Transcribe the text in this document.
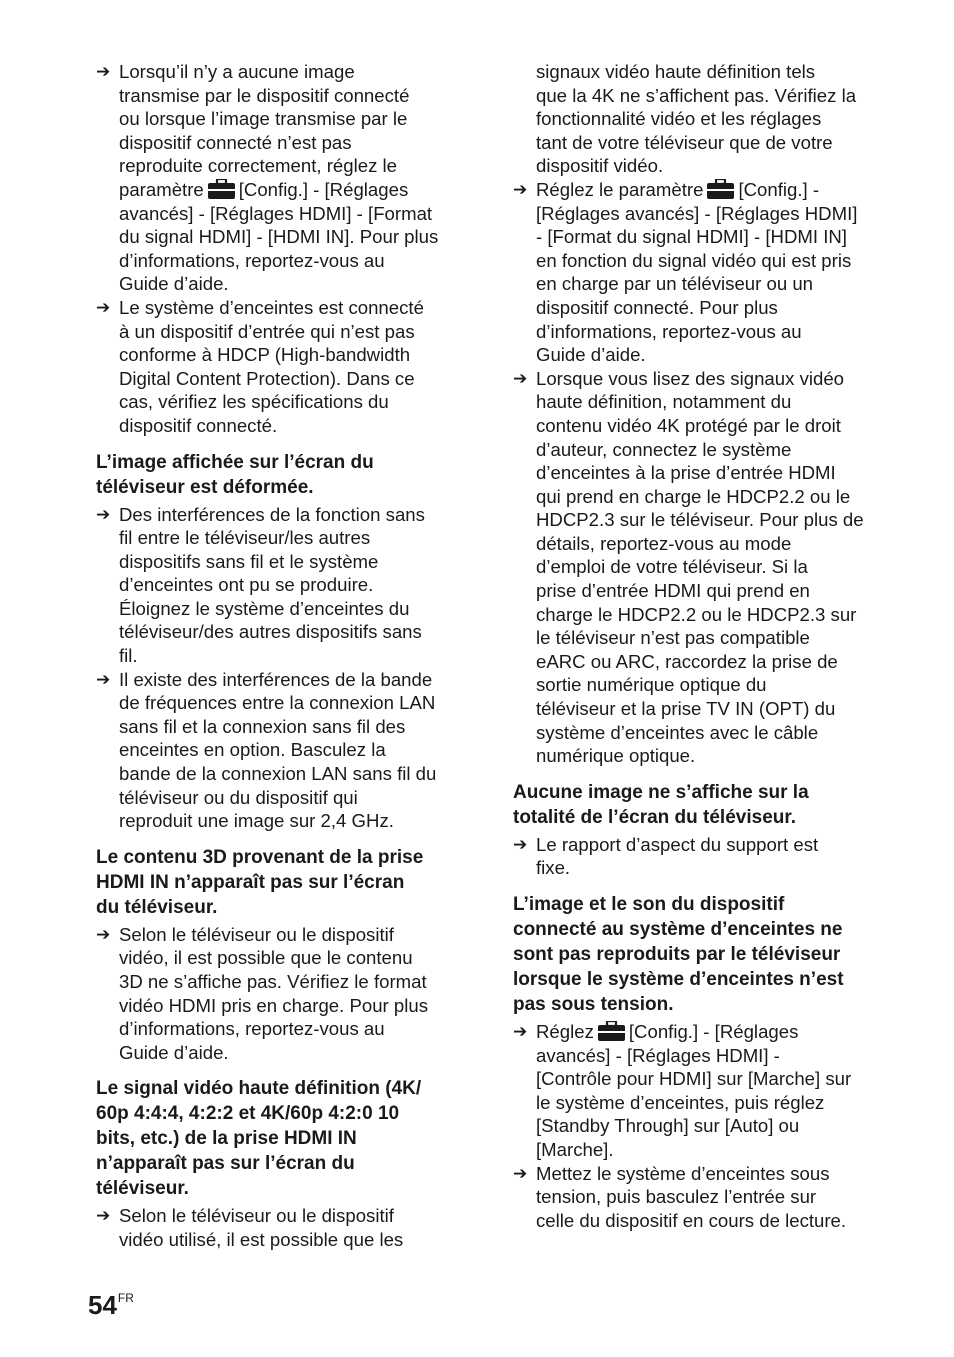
➔ Lorsqu’il n’y a aucune image
transmise par le dispositif connecté
ou lorsque l’image transmise par le
dispositif connecté n’est pas
reproduite correctement, réglez le
paramètre [Config.] - [Réglages
avancés] - [Réglages HDMI] - [Format
du signal HDMI] - [HDMI IN]. Pour plus
d’informations, reportez-vous au
Guide d’aide.
➔ Le système d’enceintes est connecté
à un dispositif d’entrée qui n’est pas
conforme à HDCP (High-bandwidth
Digital Content Protection). Dans ce
cas, vérifiez les spécifications du
dispositif connecté.
L’image affichée sur l’écran du
téléviseur est déformée.
➔ Des interférences de la fonction sans
fil entre le téléviseur/les autres
dispositifs sans fil et le système
d’enceintes ont pu se produire.
Éloignez le système d’enceintes du
téléviseur/des autres dispositifs sans
fil.
➔ Il existe des interférences de la bande
de fréquences entre la connexion LAN
sans fil et la connexion sans fil des
enceintes en option. Basculez la
bande de la connexion LAN sans fil du
téléviseur ou du dispositif qui
reproduit une image sur 2,4 GHz.
Le contenu 3D provenant de la prise
HDMI IN n’apparaît pas sur l’écran
du téléviseur.
➔ Selon le téléviseur ou le dispositif
vidéo, il est possible que le contenu
3D ne s’affiche pas. Vérifiez le format
vidéo HDMI pris en charge. Pour plus
d’informations, reportez-vous au
Guide d’aide.
Le signal vidéo haute définition (4K/
60p 4:4:4, 4:2:2 et 4K/60p 4:2:0 10
bits, etc.) de la prise HDMI IN
n’apparaît pas sur l’écran du
téléviseur.
➔ Selon le téléviseur ou le dispositif
vidéo utilisé, il est possible que les
signaux vidéo haute définition tels
que la 4K ne s’affichent pas. Vérifiez la
fonctionnalité vidéo et les réglages
tant de votre téléviseur que de votre
dispositif vidéo.
➔ Réglez le paramètre [Config.] -
[Réglages avancés] - [Réglages HDMI]
- [Format du signal HDMI] - [HDMI IN]
en fonction du signal vidéo qui est pris
en charge par un téléviseur ou un
dispositif connecté. Pour plus
d’informations, reportez-vous au
Guide d’aide.
➔ Lorsque vous lisez des signaux vidéo
haute définition, notamment du
contenu vidéo 4K protégé par le droit
d’auteur, connectez le système
d’enceintes à la prise d’entrée HDMI
qui prend en charge le HDCP2.2 ou le
HDCP2.3 sur le téléviseur. Pour plus de
détails, reportez-vous au mode
d’emploi de votre téléviseur. Si la
prise d’entrée HDMI qui prend en
charge le HDCP2.2 ou le HDCP2.3 sur
le téléviseur n’est pas compatible
eARC ou ARC, raccordez la prise de
sortie numérique optique du
téléviseur et la prise TV IN (OPT) du
système d’enceintes avec le câble
numérique optique.
Aucune image ne s’affiche sur la
totalité de l’écran du téléviseur.
➔ Le rapport d’aspect du support est
fixe.
L’image et le son du dispositif
connecté au système d’enceintes ne
sont pas reproduits par le téléviseur
lorsque le système d’enceintes n’est
pas sous tension.
➔ Réglez [Config.] - [Réglages
avancés] - [Réglages HDMI] -
[Contrôle pour HDMI] sur [Marche] sur
le système d’enceintes, puis réglez
[Standby Through] sur [Auto] ou
[Marche].
➔ Mettez le système d’enceintes sous
tension, puis basculez l’entrée sur
celle du dispositif en cours de lecture.
$54^{FR}$
